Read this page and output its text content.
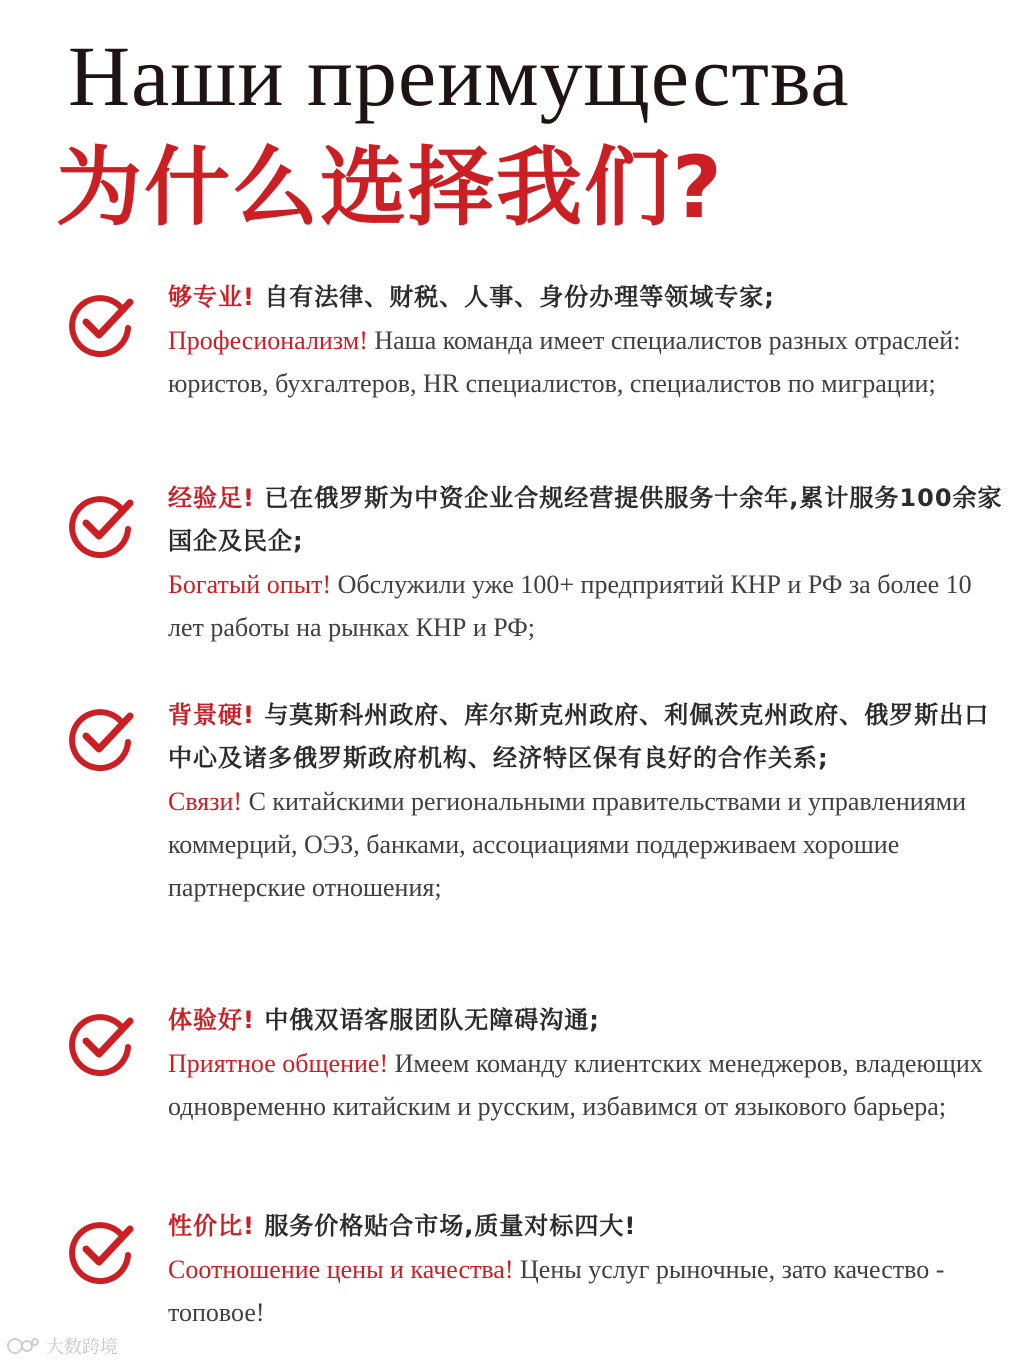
Наши преимущества
为什么选择我们?
够专业! 自有法律、财税、人事、身份办理等领域专家;
Професионализм! Наша команда имеет специалистов разных отраслей: юристов, бухгалтеров, HR специалистов, специалистов по миграции;
经验足! 已在俄罗斯为中资企业合规经营提供服务十余年,累计服务100余家国企及民企;
Богатый опыт! Обслужили уже 100+ предприятий КНР и РФ за более 10 лет работы на рынках КНР и РФ;
背景硬! 与莫斯科州政府、库尔斯克州政府、利佩茨克州政府、俄罗斯出口中心及诸多俄罗斯政府机构、经济特区保有良好的合作关系;
Связи! С китайскими региональными правительствами и управлениями коммерций, ОЭЗ, банками, ассоциациями поддерживаем хорошие партнерские отношения;
体验好! 中俄双语客服团队无障碍沟通;
Приятное общение! Имеем команду клиентских менеджеров, владеющих одновременно китайским и русским, избавимся от языкового барьера;
性价比! 服务价格贴合市场,质量对标四大!
Соотношение цены и качества! Цены услуг рыночные, зато качество - топовое!
大数跨境
